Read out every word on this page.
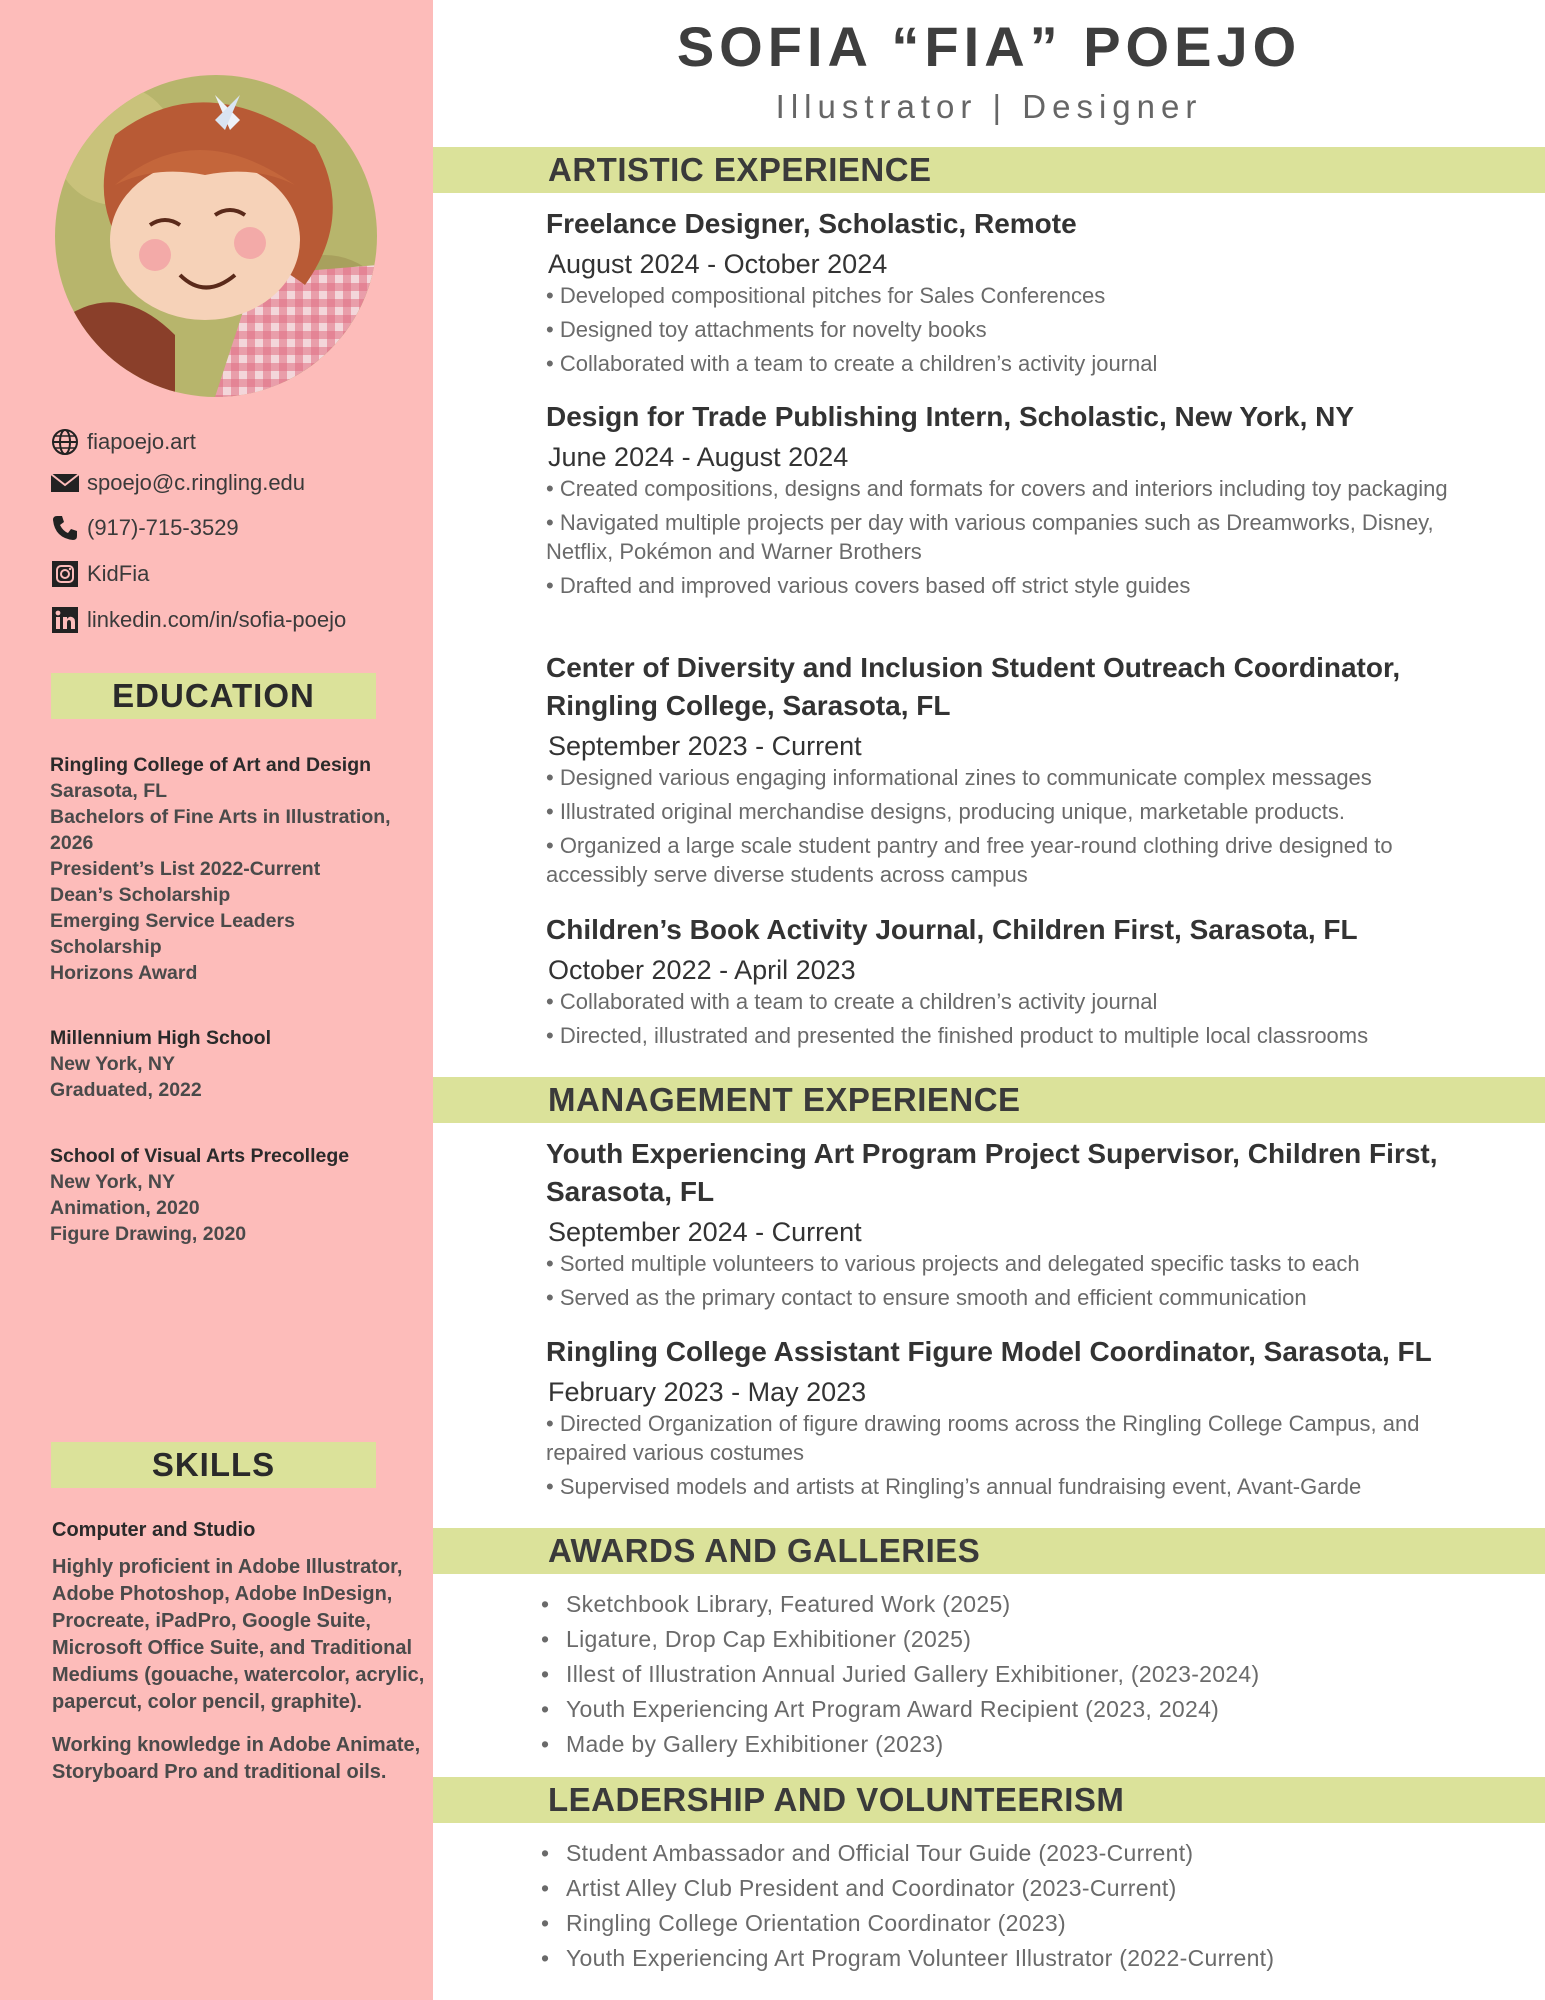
fiapoejo.art
spoejo@c.ringling.edu
(917)-715-3529
KidFia
linkedin.com/in/sofia-poejo
EDUCATION
Ringling College of Art and Design
Sarasota, FL
Bachelors of Fine Arts in Illustration,
2026
President’s List 2022-Current
Dean’s Scholarship
Emerging Service Leaders
Scholarship
Horizons Award
Millennium High School
New York, NY
Graduated, 2022
School of Visual Arts Precollege
New York, NY
Animation, 2020
Figure Drawing, 2020
SKILLS
Computer and Studio

Highly proficient in Adobe Illustrator, Adobe Photoshop, Adobe InDesign, Procreate, iPadPro, Google Suite, Microsoft Office Suite, and Traditional Mediums (gouache, watercolor, acrylic, papercut, color pencil, graphite).

Working knowledge in Adobe Animate, Storyboard Pro and traditional oils.

SOFIA “FIA” POEJO
Illustrator | Designer
ARTISTIC EXPERIENCE

Freelance Designer, Scholastic, Remote

August 2024 - October 2024

• Developed compositional pitches for Sales Conferences

• Designed toy attachments for novelty books

• Collaborated with a team to create a children’s activity journal

Design for Trade Publishing Intern, Scholastic, New York, NY

June 2024 - August 2024

• Created compositions, designs and formats for covers and interiors including toy packaging

• Navigated multiple projects per day with various companies such as Dreamworks, Disney, Netflix, Pokémon and Warner Brothers

• Drafted and improved various covers based off strict style guides

Center of Diversity and Inclusion Student Outreach Coordinator, Ringling College, Sarasota, FL

September 2023 - Current

• Designed various engaging informational zines to communicate complex messages

• Illustrated original merchandise designs, producing unique, marketable products.

• Organized a large scale student pantry and free year-round clothing drive designed to accessibly serve diverse students across campus

Children’s Book Activity Journal, Children First, Sarasota, FL

October 2022 - April 2023

• Collaborated with a team to create a children’s activity journal

• Directed, illustrated and presented the finished product to multiple local classrooms

MANAGEMENT EXPERIENCE

Youth Experiencing Art Program Project Supervisor, Children First, Sarasota, FL

September 2024 - Current

• Sorted multiple volunteers to various projects and delegated specific tasks to each

• Served as the primary contact to ensure smooth and efficient communication

Ringling College Assistant Figure Model Coordinator, Sarasota, FL

February 2023 - May 2023

• Directed Organization of figure drawing rooms across the Ringling College Campus, and repaired various costumes

• Supervised models and artists at Ringling’s annual fundraising event, Avant-Garde

AWARDS AND GALLERIES
• Sketchbook Library, Featured Work (2025)
• Ligature, Drop Cap Exhibitioner (2025)
• Illest of Illustration Annual Juried Gallery Exhibitioner, (2023-2024)
• Youth Experiencing Art Program Award Recipient (2023, 2024)
• Made by Gallery Exhibitioner (2023)
LEADERSHIP AND VOLUNTEERISM
• Student Ambassador and Official Tour Guide (2023-Current)
• Artist Alley Club President and Coordinator (2023-Current)
• Ringling College Orientation Coordinator (2023)
• Youth Experiencing Art Program Volunteer Illustrator (2022-Current)
